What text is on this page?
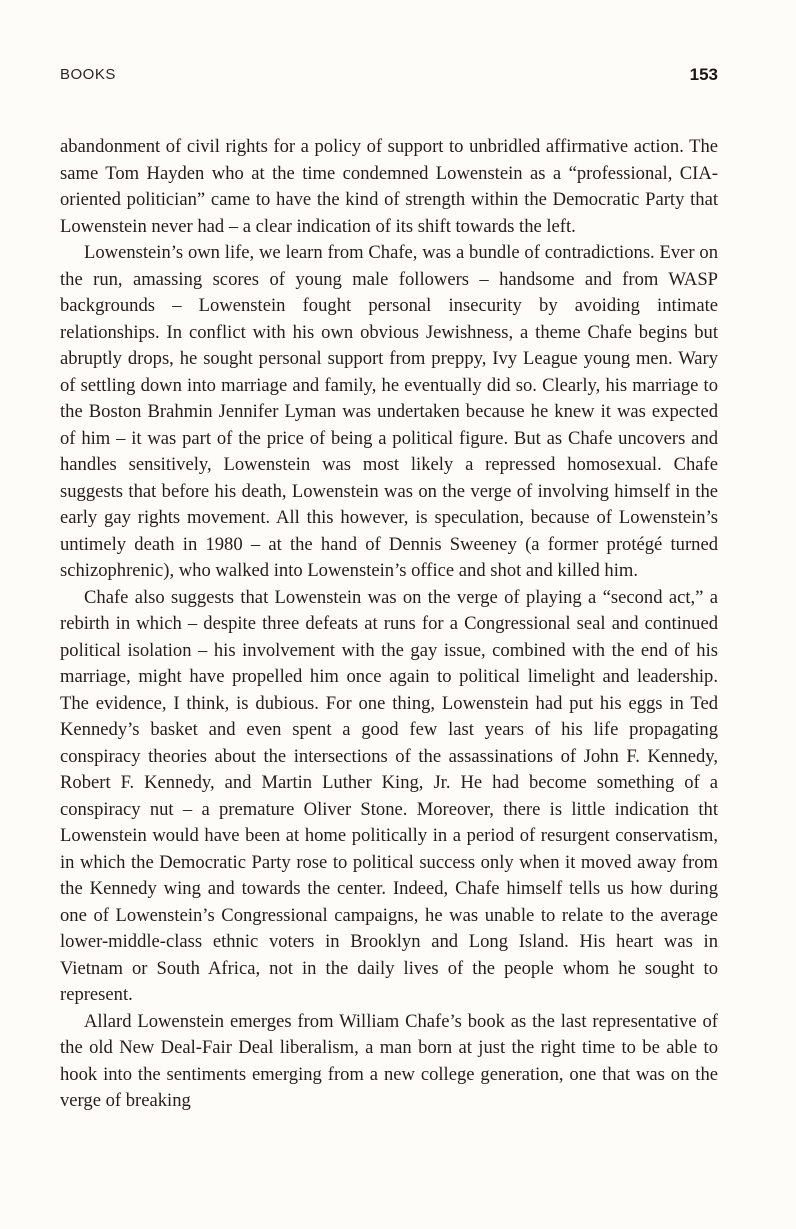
BOOKS	153

abandonment of civil rights for a policy of support to unbridled affirmative action. The same Tom Hayden who at the time condemned Lowenstein as a “professional, CIA-oriented politician” came to have the kind of strength within the Democratic Party that Lowenstein never had – a clear indication of its shift towards the left.

Lowenstein’s own life, we learn from Chafe, was a bundle of contradictions. Ever on the run, amassing scores of young male followers – handsome and from WASP backgrounds – Lowenstein fought personal insecurity by avoiding intimate relationships. In conflict with his own obvious Jewishness, a theme Chafe begins but abruptly drops, he sought personal support from preppy, Ivy League young men. Wary of settling down into marriage and family, he eventually did so. Clearly, his marriage to the Boston Brahmin Jennifer Lyman was undertaken because he knew it was expected of him – it was part of the price of being a political figure. But as Chafe uncovers and handles sensitively, Lowenstein was most likely a repressed homosexual. Chafe suggests that before his death, Lowenstein was on the verge of involving himself in the early gay rights movement. All this however, is speculation, because of Lowenstein’s untimely death in 1980 – at the hand of Dennis Sweeney (a former protégé turned schizophrenic), who walked into Lowenstein’s office and shot and killed him.

Chafe also suggests that Lowenstein was on the verge of playing a “second act,” a rebirth in which – despite three defeats at runs for a Congressional seal and continued political isolation – his involvement with the gay issue, combined with the end of his marriage, might have propelled him once again to political limelight and leadership. The evidence, I think, is dubious. For one thing, Lowenstein had put his eggs in Ted Kennedy’s basket and even spent a good few last years of his life propagating conspiracy theories about the intersections of the assassinations of John F. Kennedy, Robert F. Kennedy, and Martin Luther King, Jr. He had become something of a conspiracy nut – a premature Oliver Stone. Moreover, there is little indication tht Lowenstein would have been at home politically in a period of resurgent conservatism, in which the Democratic Party rose to political success only when it moved away from the Kennedy wing and towards the center. Indeed, Chafe himself tells us how during one of Lowenstein’s Congressional campaigns, he was unable to relate to the average lower-middle-class ethnic voters in Brooklyn and Long Island. His heart was in Vietnam or South Africa, not in the daily lives of the people whom he sought to represent.

Allard Lowenstein emerges from William Chafe’s book as the last representative of the old New Deal-Fair Deal liberalism, a man born at just the right time to be able to hook into the sentiments emerging from a new college generation, one that was on the verge of breaking
